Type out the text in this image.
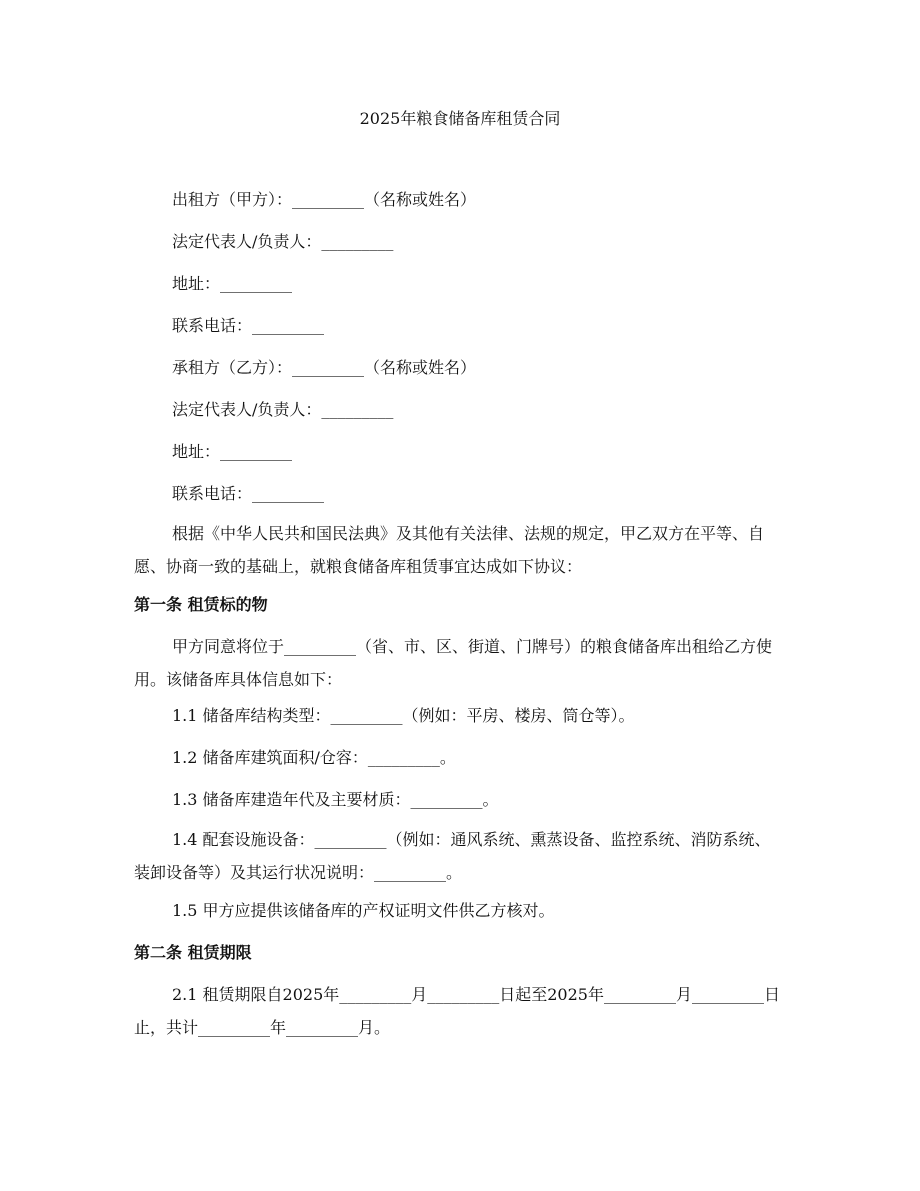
2025年粮食储备库租赁合同
出租方（甲方）：_________（名称或姓名）
法定代表人/负责人：_________
地址：_________
联系电话：_________
承租方（乙方）：_________（名称或姓名）
法定代表人/负责人：_________
地址：_________
联系电话：_________
根据《中华人民共和国民法典》及其他有关法律、法规的规定，甲乙双方在平等、自愿、协商一致的基础上，就粮食储备库租赁事宜达成如下协议：
第一条 租赁标的物
甲方同意将位于_________（省、市、区、街道、门牌号）的粮食储备库出租给乙方使用。该储备库具体信息如下：
1.1 储备库结构类型：_________（例如：平房、楼房、筒仓等）。
1.2 储备库建筑面积/仓容：_________。
1.3 储备库建造年代及主要材质：_________。
1.4 配套设施设备：_________（例如：通风系统、熏蒸设备、监控系统、消防系统、装卸设备等）及其运行状况说明：_________。
1.5 甲方应提供该储备库的产权证明文件供乙方核对。
第二条 租赁期限
2.1 租赁期限自2025年_________月_________日起至2025年_________月_________日止，共计_________年_________月。
